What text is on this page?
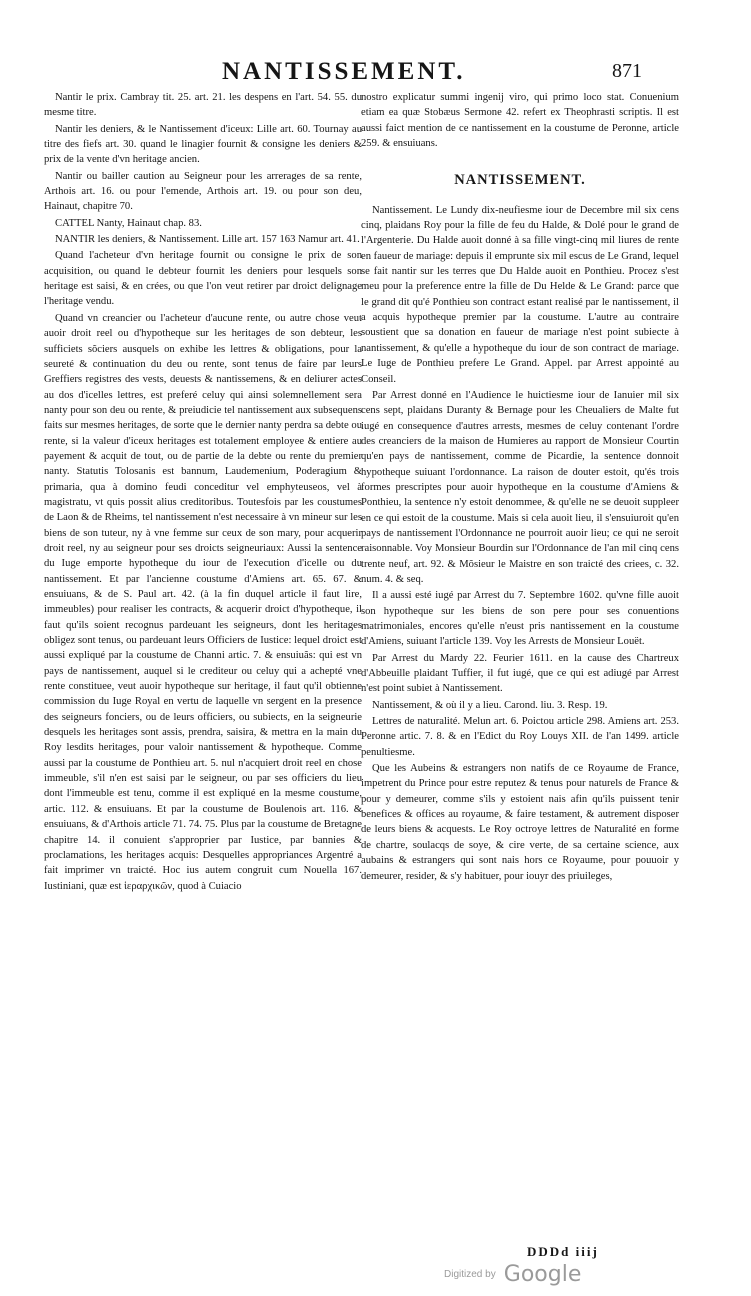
NANTISSEMENT.	871

Nantir le prix. Cambray tit. 25. art. 21. les despens en l'art. 54. 55. du mesme titre.

Nantir les deniers, & le Nantissement d'iceux: Lille art. 60. Tournay au titre des fiefs art. 30. quand le linagier fournit & consigne les deniers & prix de la vente d'vn heritage ancien.

Nantir ou bailler caution au Seigneur pour les arrerages de sa rente, Arthois art. 16. ou pour l'emende, Arthois art. 19. ou pour son deu, Hainaut, chapitre 70.

CATTEL Nanty, Hainaut chap. 83.

NANTIR les deniers, & Nantissement. Lille art. 157 163 Namur art. 41.

Quand l'acheteur d'vn heritage fournit ou consigne le prix de son acquisition, ou quand le debteur fournit les deniers pour lesquels son heritage est saisi, & en crées, ou que l'on veut retirer par droict delignage l'heritage vendu.

Quand vn creancier ou l'acheteur d'aucune rente, ou autre chose veut auoir droit reel ou d'hypotheque sur les heritages de son debteur, les sufficiets sõciers ausquels on exhibe les lettres & obligations, pour la seureté & continuation du deu ou rente, sont tenus de faire par leurs Greffiers registres des vests, deuests & nantissemens, & en deliurer actes au dos d'icelles lettres, est preferé celuy qui ainsi solemnellement sera nanty pour son deu ou rente, & preiudicie tel nantissement aux subsequens faits sur mesmes heritages, de sorte que le dernier nanty perdra sa debte ou rente, si la valeur d'iceux heritages est totalement employee & entiere au payement & acquit de tout, ou de partie de la debte ou rente du premier nanty. Statutis Tolosanis est bannum, Laudemenium, Poderagium & primaria, qua à domino feudi conceditur vel emphyteuseos, vel à magistratu, vt quis possit alius creditoribus. Toutesfois par les coustumes de Laon & de Rheims, tel nantissement n'est necessaire à vn mineur sur les biens de son tuteur, ny à vne femme sur ceux de son mary, pour acquerir droit reel, ny au seigneur pour ses droicts seigneuriaux: Aussi la sentence du Iuge emporte hypotheque du iour de l'execution d'icelle ou du nantissement. Et par l'ancienne coustume d'Amiens art. 65. 67. & ensuiuans, & de S. Paul art. 42. (à la fin duquel article il faut lire, immeubles) pour realiser les contracts, & acquerir droict d'hypotheque, il faut qu'ils soient recognus pardeuant les seigneurs, dont les heritages obligez sont tenus, ou pardeuant leurs Officiers de Iustice: lequel droict est aussi expliqué par la coustume de Channi artic. 7. & ensuiuãs: qui est vn pays de nantissement, auquel si le crediteur ou celuy qui a achepté vne rente constituee, veut auoir hypotheque sur heritage, il faut qu'il obtienne commission du Iuge Royal en vertu de laquelle vn sergent en la presence des seigneurs fonciers, ou de leurs officiers, ou subiects, en la seigneurie desquels les heritages sont assis, prendra, saisira, & mettra en la main du Roy lesdits heritages, pour valoir nantissement & hypotheque. Comme aussi par la coustume de Ponthieu art. 5. nul n'acquiert droit reel en chose immeuble, s'il n'en est saisi par le seigneur, ou par ses officiers du lieu dont l'immeuble est tenu, comme il est expliqué en la mesme coustume, artic. 112. & ensuiuans. Et par la coustume de Boulenois art. 116. & ensuiuans, & d'Arthois article 71. 74. 75. Plus par la coustume de Bretagne chapitre 14. il conuient s'approprier par Iustice, par bannies & proclamations, les heritages acquis: Desquelles appropriances Argentré a fait imprimer vn traicté. Hoc ius autem congruit cum Nouella 167. Iustiniani, quæ est ἱεραρχικῶν, quod à Cuiacio

nostro explicatur summi ingenij viro, qui primo loco stat. Conuenium etiam ea quæ Stobæus Sermone 42. refert ex Theophrasti scriptis. Il est aussi faict mention de ce nantissement en la coustume de Peronne, article 259. & ensuiuans.

NANTISSEMENT.

Nantissement. Le Lundy dix-neufiesme iour de Decembre mil six cens cinq, plaidans Roy pour la fille de feu du Halde, & Dolé pour le grand de l'Argenterie. Du Halde auoit donné à sa fille vingt-cinq mil liures de rente en faueur de mariage: depuis il emprunte six mil escus de Le Grand, lequel se fait nantir sur les terres que Du Halde auoit en Ponthieu. Procez s'est meu pour la preference entre la fille de Du Helde & Le Grand: parce que le grand dit qu'é Ponthieu son contract estant realisé par le nantissement, il a acquis hypotheque premier par la coustume. L'autre au contraire soustient que sa donation en faueur de mariage n'est point subiecte à nantissement, & qu'elle a hypotheque du iour de son contract de mariage. Le Iuge de Ponthieu prefere Le Grand. Appel. par Arrest appointé au Conseil.

Par Arrest donné en l'Audience le huictiesme iour de Ianuier mil six cens sept, plaidans Duranty & Bernage pour les Cheualiers de Malte fut iugé en consequence d'autres arrests, mesmes de celuy contenant l'ordre des creanciers de la maison de Humieres au rapport de Monsieur Courtin qu'en pays de nantissement, comme de Picardie, la sentence donnoit hypotheque suiuant l'ordonnance. La raison de douter estoit, qu'és trois formes prescriptes pour auoir hypotheque en la coustume d'Amiens & Ponthieu, la sentence n'y estoit denommee, & qu'elle ne se deuoit suppleer en ce qui estoit de la coustume. Mais si cela auoit lieu, il s'ensuiuroit qu'en pays de nantissement l'Ordonnance ne pourroit auoir lieu; ce qui ne seroit raisonnable. Voy Monsieur Bourdin sur l'Ordonnance de l'an mil cinq cens trente neuf, art. 92. & Mõsieur le Maistre en son traicté des criees, c. 32. num. 4. & seq.

Il a aussi esté iugé par Arrest du 7. Septembre 1602. qu'vne fille auoit son hypotheque sur les biens de son pere pour ses conuentions matrimoniales, encores qu'elle n'eust pris nantissement en la coustume d'Amiens, suiuant l'article 139. Voy les Arrests de Monsieur Louët.

Par Arrest du Mardy 22. Feurier 1611. en la cause des Chartreux d'Abbeuille plaidant Tuffier, il fut iugé, que ce qui est adiugé par Arrest n'est point subiet à Nantissement.

Nantissement, & où il y a lieu. Carond. liu. 3. Resp. 19.

Lettres de naturalité. Melun art. 6. Poictou article 298. Amiens art. 253. Peronne artic. 7. 8. & en l'Edict du Roy Louys XII. de l'an 1499. article penultiesme.

Que les Aubeins & estrangers non natifs de ce Royaume de France, impetrent du Prince pour estre reputez & tenus pour naturels de France & pour y demeurer, comme s'ils y estoient nais afin qu'ils puissent tenir benefices & offices au royaume, & faire testament, & autrement disposer de leurs biens & acquests. Le Roy octroye lettres de Naturalité en forme de chartre, soulacqs de soye, & cire verte, de sa certaine science, aux aubains & estrangers qui sont nais hors ce Royaume, pour pouuoir y demeurer, resider, & s'y habituer, pour iouyr des priuileges,

DDDd iiij
Digitized by Google
